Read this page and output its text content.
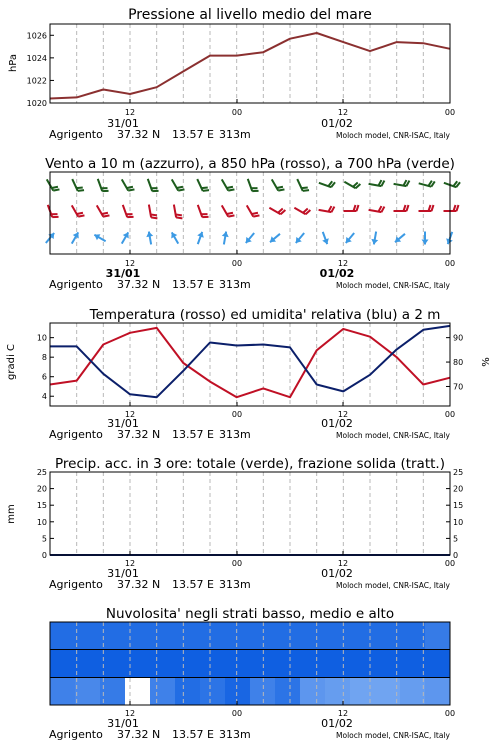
Pressione al livello medio del mare
hPa
1020
1022
1024
1026
12	00	12	00
31/01	01/02
Agrigento 37.32 N 13.57 E 313m	Moloch model, CNR-ISAC, Italy
Vento a 10 m (azzurro), a 850 hPa (rosso), a 700 hPa (verde)
12	00	12	00
31/01	01/02
Agrigento 37.32 N 13.57 E 313m	Moloch model, CNR-ISAC, Italy
Temperatura (rosso) ed umidita' relativa (blu) a 2 m
gradi C	%
4
6
8
10
70
80
90
12	00	12	00
Agrigento 37.32 N 13.57 E 313m
31/01	01/02
Moloch model, CNR-ISAC, Italy
Precip. acc. in 3 ore: totale (verde), frazione solida (tratt.)
mm
0
5
10
15
20
25
0
5
10
15
20
25
12	00	12	00
31/01	01/02
Agrigento 37.32 N 13.57 E 313m	Moloch model, CNR-ISAC, Italy
Nuvolosita' negli strati basso, medio e alto
12	00	12	00
31/01	01/02
Agrigento 37.32 N 13.57 E 313m	Moloch model, CNR-ISAC, Italy
